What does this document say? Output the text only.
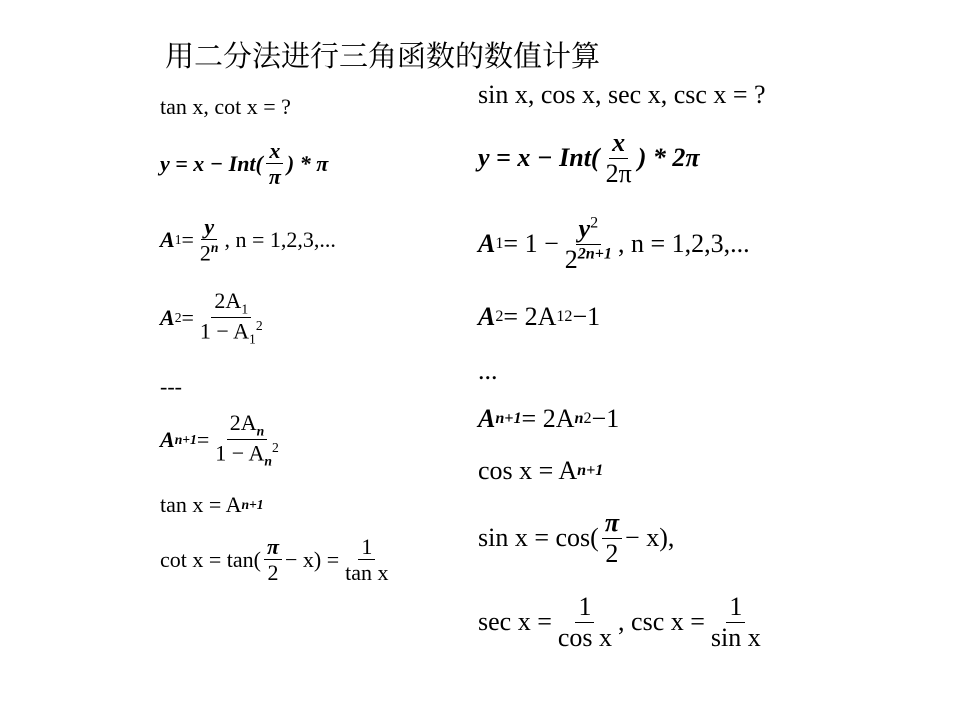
用二分法进行三角函数的数值计算
tan x, cot x = ?
$y = x - Int( \frac{x}{\pi}$ ) * π
A $1 = \frac{y}{2^n}$ , n = 1,2,3,...
A $2 = \frac{2A_1}{1 - A_1^2}$
---
A $n+1 = \frac{2A_n}{1 - A_n^2}$
tan x = A n+1
$\cot x = \tan( \frac{\pi}{2} - x) = \frac{1}{\text{tan x}}$
sin x, cos x, sec x, csc x = ?
$y = x - Int( \frac{x}{2\pi}$ ) * 2π
A $1 = 1 - \frac{y^2}{2^{2n+1}}$ , n = 1,2,3,...
A 2 = 2A 1 2 −1
...
A n+1 = 2A n 2 −1
cos x = A n+1
$\sin x = \cos( \frac{\pi}{2} - x)$,
$\sec x = \frac{1}{\text{cos x}}$ , $\csc x = \frac{1}{\text{sin x}}$
